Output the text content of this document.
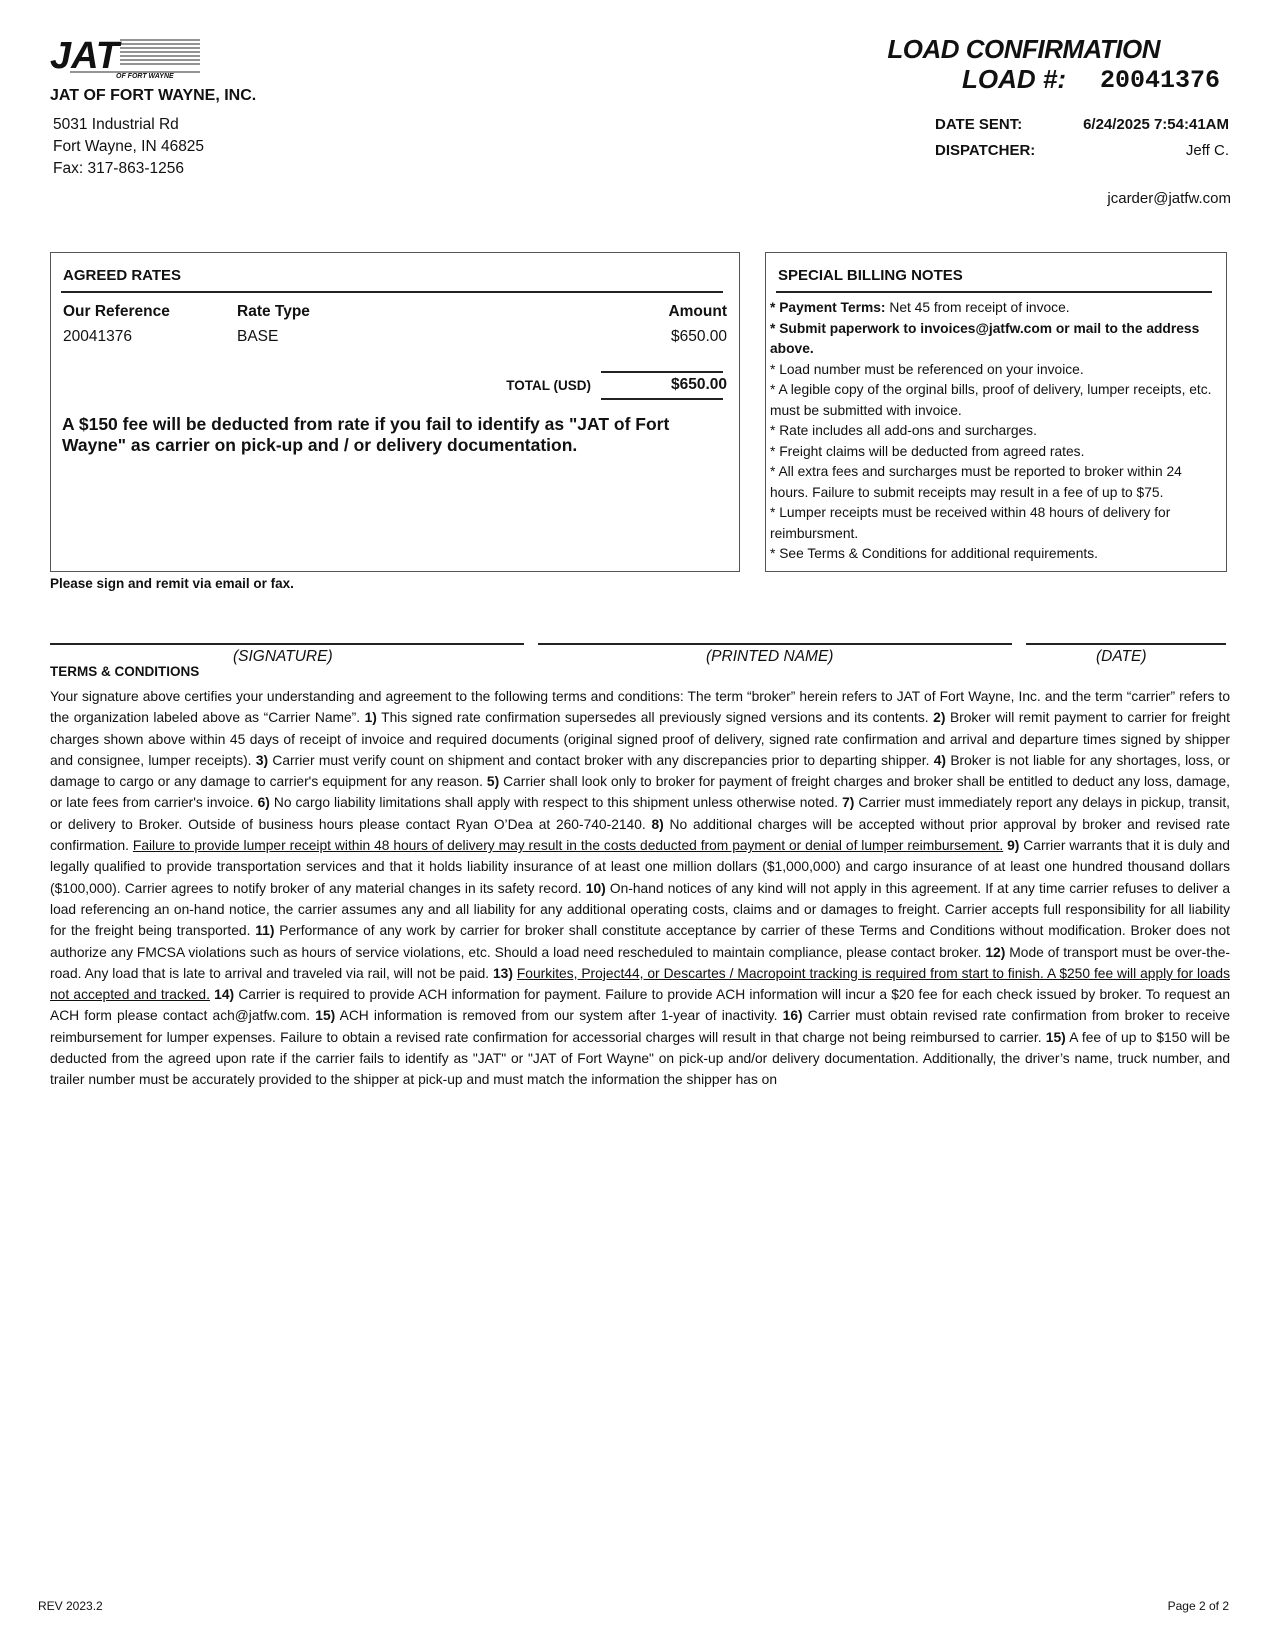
JAT
OF FORT WAYNE
JAT OF FORT WAYNE, INC.
5031 Industrial Rd
Fort Wayne, IN 46825
Fax: 317-863-1256
LOAD CONFIRMATION
LOAD #: 20041376
DATE SENT:	6/24/2025 7:54:41AM
DISPATCHER:	Jeff C.
jcarder@jatfw.com
AGREED RATES
Our Reference	Rate Type	Amount
20041376	BASE	$650.00
TOTAL (USD)	$650.00
A $150 fee will be deducted from rate if you fail to identify as "JAT of Fort Wayne" as carrier on pick-up and / or delivery documentation.
SPECIAL BILLING NOTES
* Payment Terms: Net 45 from receipt of invoce.
* Submit paperwork to invoices@jatfw.com or mail to the address above.
* Load number must be referenced on your invoice.
* A legible copy of the orginal bills, proof of delivery, lumper receipts, etc. must be submitted with invoice.
* Rate includes all add-ons and surcharges.
* Freight claims will be deducted from agreed rates.
* All extra fees and surcharges must be reported to broker within 24 hours. Failure to submit receipts may result in a fee of up to $75.
* Lumper receipts must be received within 48 hours of delivery for reimbursment.
* See Terms & Conditions for additional requirements.
Please sign and remit via email or fax.
(SIGNATURE)	(PRINTED NAME)	(DATE)
TERMS & CONDITIONS
Your signature above certifies your understanding and agreement to the following terms and conditions: The term “broker” herein refers to JAT of Fort Wayne, Inc. and the term “carrier” refers to the organization labeled above as “Carrier Name”. 1) This signed rate confirmation supersedes all previously signed versions and its contents. 2) Broker will remit payment to carrier for freight charges shown above within 45 days of receipt of invoice and required documents (original signed proof of delivery, signed rate confirmation and arrival and departure times signed by shipper and consignee, lumper receipts). 3) Carrier must verify count on shipment and contact broker with any discrepancies prior to departing shipper. 4) Broker is not liable for any shortages, loss, or damage to cargo or any damage to carrier's equipment for any reason. 5) Carrier shall look only to broker for payment of freight charges and broker shall be entitled to deduct any loss, damage, or late fees from carrier's invoice. 6) No cargo liability limitations shall apply with respect to this shipment unless otherwise noted. 7) Carrier must immediately report any delays in pickup, transit, or delivery to Broker. Outside of business hours please contact Ryan O’Dea at 260-740-2140. 8) No additional charges will be accepted without prior approval by broker and revised rate confirmation. Failure to provide lumper receipt within 48 hours of delivery may result in the costs deducted from payment or denial of lumper reimbursement. 9) Carrier warrants that it is duly and legally qualified to provide transportation services and that it holds liability insurance of at least one million dollars ($1,000,000) and cargo insurance of at least one hundred thousand dollars ($100,000). Carrier agrees to notify broker of any material changes in its safety record. 10) On-hand notices of any kind will not apply in this agreement. If at any time carrier refuses to deliver a load referencing an on-hand notice, the carrier assumes any and all liability for any additional operating costs, claims and or damages to freight. Carrier accepts full responsibility for all liability for the freight being transported. 11) Performance of any work by carrier for broker shall constitute acceptance by carrier of these Terms and Conditions without modification. Broker does not authorize any FMCSA violations such as hours of service violations, etc. Should a load need rescheduled to maintain compliance, please contact broker. 12) Mode of transport must be over-the-road. Any load that is late to arrival and traveled via rail, will not be paid. 13) Fourkites, Project44, or Descartes / Macropoint tracking is required from start to finish. A $250 fee will apply for loads not accepted and tracked. 14) Carrier is required to provide ACH information for payment. Failure to provide ACH information will incur a $20 fee for each check issued by broker. To request an ACH form please contact ach@jatfw.com. 15) ACH information is removed from our system after 1-year of inactivity. 16) Carrier must obtain revised rate confirmation from broker to receive reimbursement for lumper expenses. Failure to obtain a revised rate confirmation for accessorial charges will result in that charge not being reimbursed to carrier. 15) A fee of up to $150 will be deducted from the agreed upon rate if the carrier fails to identify as "JAT" or "JAT of Fort Wayne" on pick-up and/or delivery documentation. Additionally, the driver’s name, truck number, and trailer number must be accurately provided to the shipper at pick-up and must match the information the shipper has on
REV 2023.2	Page 2 of 2
